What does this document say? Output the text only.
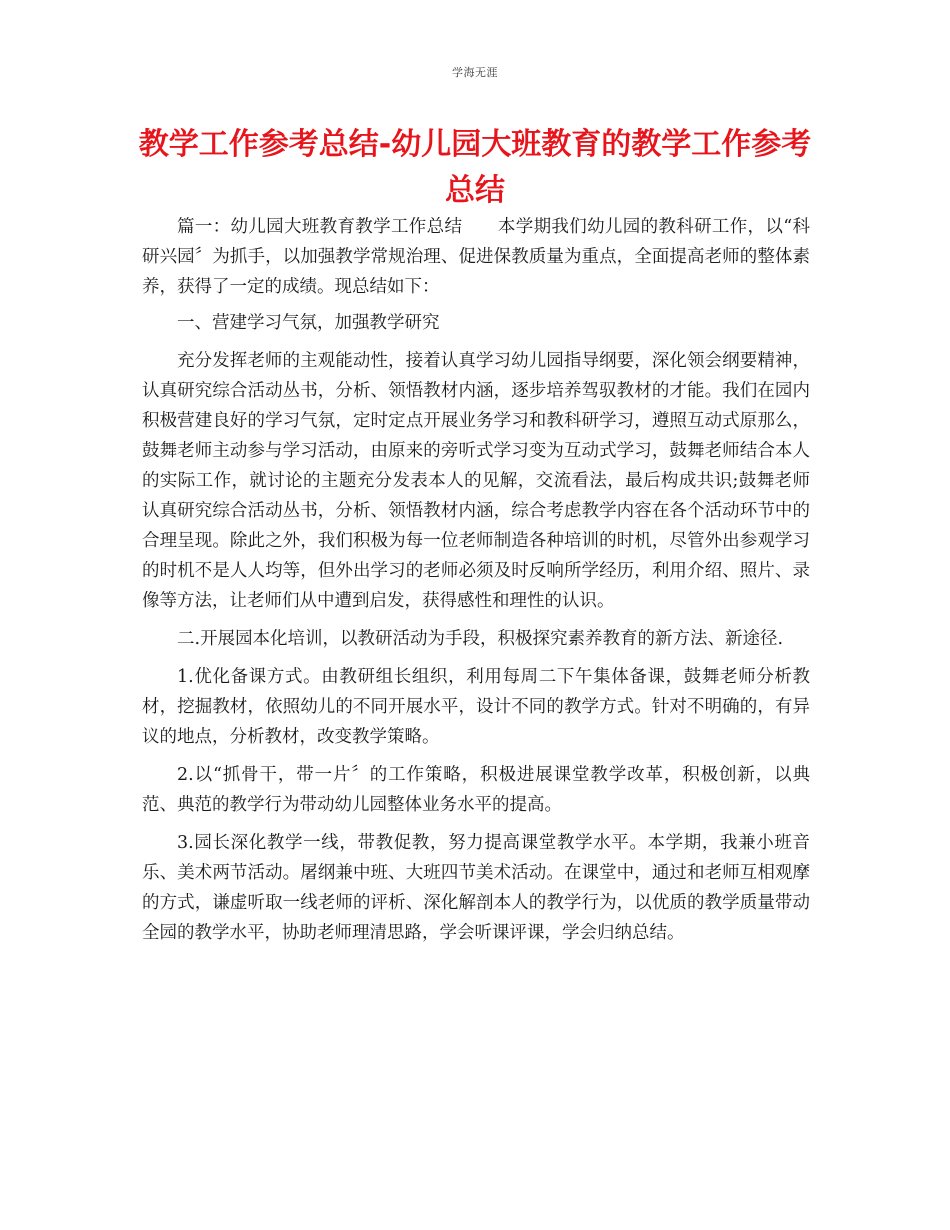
学海无涯
教学工作参考总结-幼儿园大班教育的教学工作参考总结

篇一：幼儿园大班教育教学工作总结　　本学期我们幼儿园的教科研工作，以“科研兴园〞为抓手，以加强教学常规治理、促进保教质量为重点，全面提高老师的整体素养，获得了一定的成绩。现总结如下：

一、营建学习气氛，加强教学研究

充分发挥老师的主观能动性，接着认真学习幼儿园指导纲要，深化领会纲要精神，认真研究综合活动丛书，分析、领悟教材内涵，逐步培养驾驭教材的才能。我们在园内积极营建良好的学习气氛，定时定点开展业务学习和教科研学习，遵照互动式原那么，鼓舞老师主动参与学习活动，由原来的旁听式学习变为互动式学习，鼓舞老师结合本人的实际工作，就讨论的主题充分发表本人的见解，交流看法，最后构成共识;鼓舞老师认真研究综合活动丛书，分析、领悟教材内涵，综合考虑教学内容在各个活动环节中的合理呈现。除此之外，我们积极为每一位老师制造各种培训的时机，尽管外出参观学习的时机不是人人均等，但外出学习的老师必须及时反响所学经历，利用介绍、照片、录像等方法，让老师们从中遭到启发，获得感性和理性的认识。

二.开展园本化培训，以教研活动为手段，积极探究素养教育的新方法、新途径.

1.优化备课方式。由教研组长组织，利用每周二下午集体备课，鼓舞老师分析教材，挖掘教材，依照幼儿的不同开展水平，设计不同的教学方式。针对不明确的，有异议的地点，分析教材，改变教学策略。

2.以“抓骨干，带一片〞的工作策略，积极进展课堂教学改革，积极创新，以典范、典范的教学行为带动幼儿园整体业务水平的提高。

3.园长深化教学一线，带教促教，努力提高课堂教学水平。本学期，我兼小班音乐、美术两节活动。屠纲兼中班、大班四节美术活动。在课堂中，通过和老师互相观摩的方式，谦虚听取一线老师的评析、深化解剖本人的教学行为，以优质的教学质量带动全园的教学水平，协助老师理清思路，学会听课评课，学会归纳总结。
